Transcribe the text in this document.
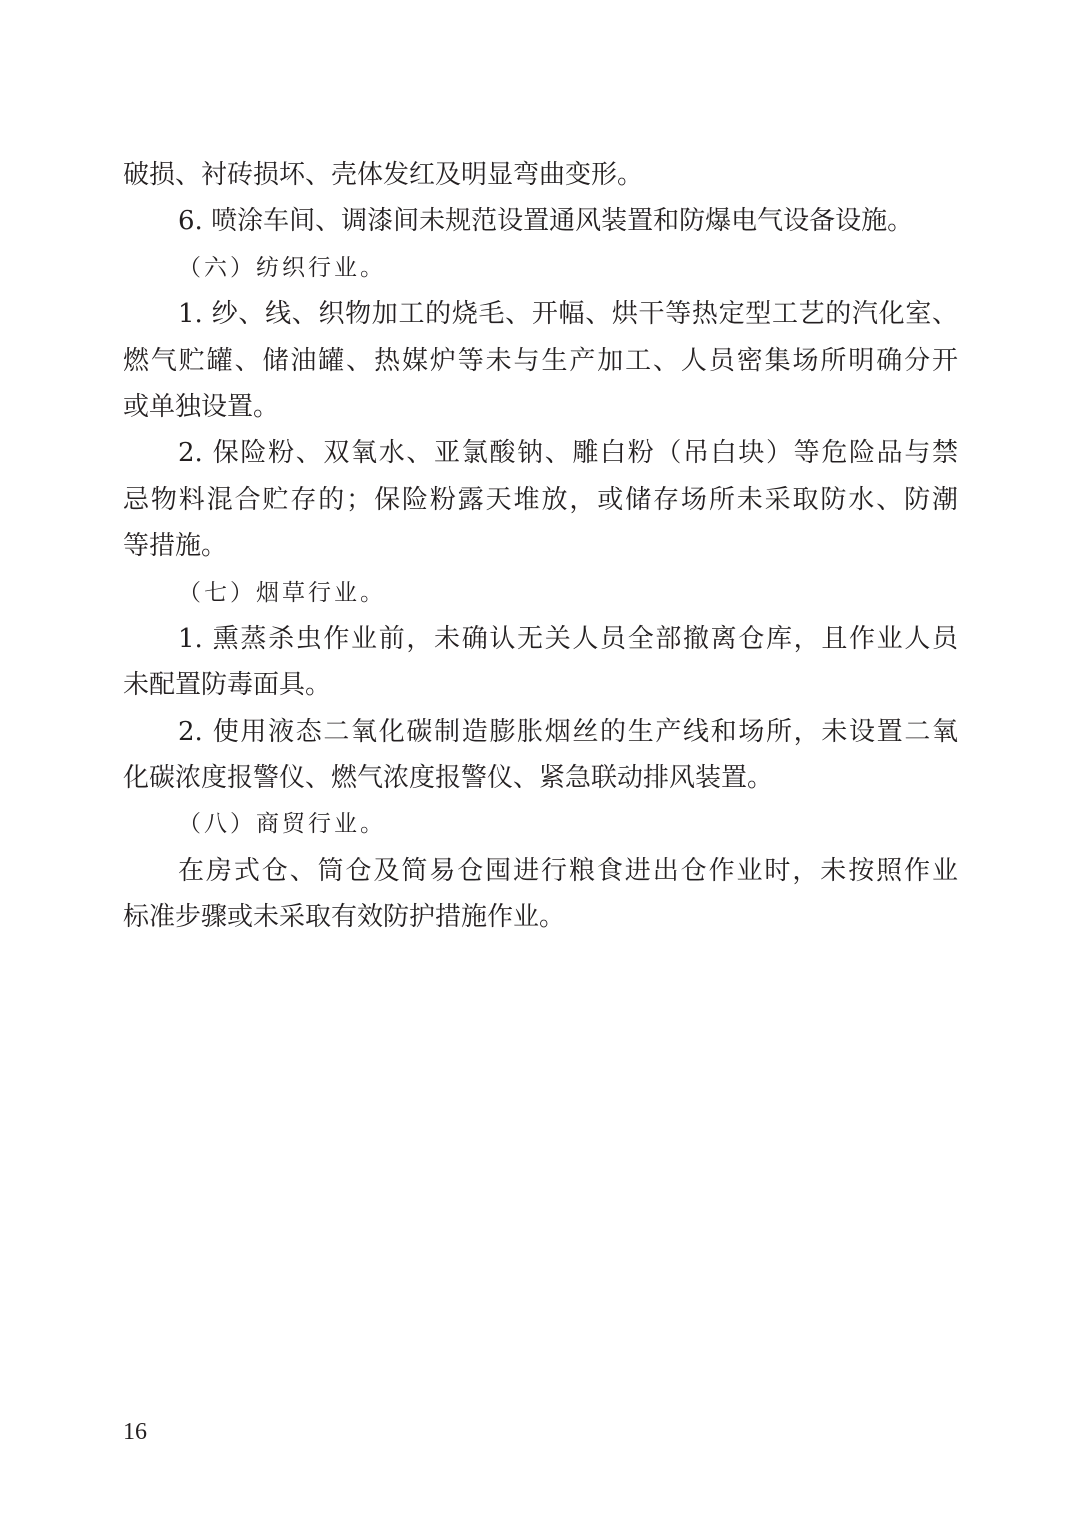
破损、衬砖损坏、壳体发红及明显弯曲变形。
6. 喷涂车间、调漆间未规范设置通风装置和防爆电气设备设施。
（六）纺织行业。
1. 纱、线、织物加工的烧毛、开幅、烘干等热定型工艺的汽化室、
燃气贮罐、储油罐、热媒炉等未与生产加工、人员密集场所明确分开
或单独设置。
2. 保险粉、双氧水、亚氯酸钠、雕白粉（吊白块）等危险品与禁
忌物料混合贮存的；保险粉露天堆放，或储存场所未采取防水、防潮
等措施。
（七）烟草行业。
1. 熏蒸杀虫作业前，未确认无关人员全部撤离仓库，且作业人员
未配置防毒面具。
2. 使用液态二氧化碳制造膨胀烟丝的生产线和场所，未设置二氧
化碳浓度报警仪、燃气浓度报警仪、紧急联动排风装置。
（八）商贸行业。
在房式仓、筒仓及简易仓囤进行粮食进出仓作业时，未按照作业
标准步骤或未采取有效防护措施作业。
16
